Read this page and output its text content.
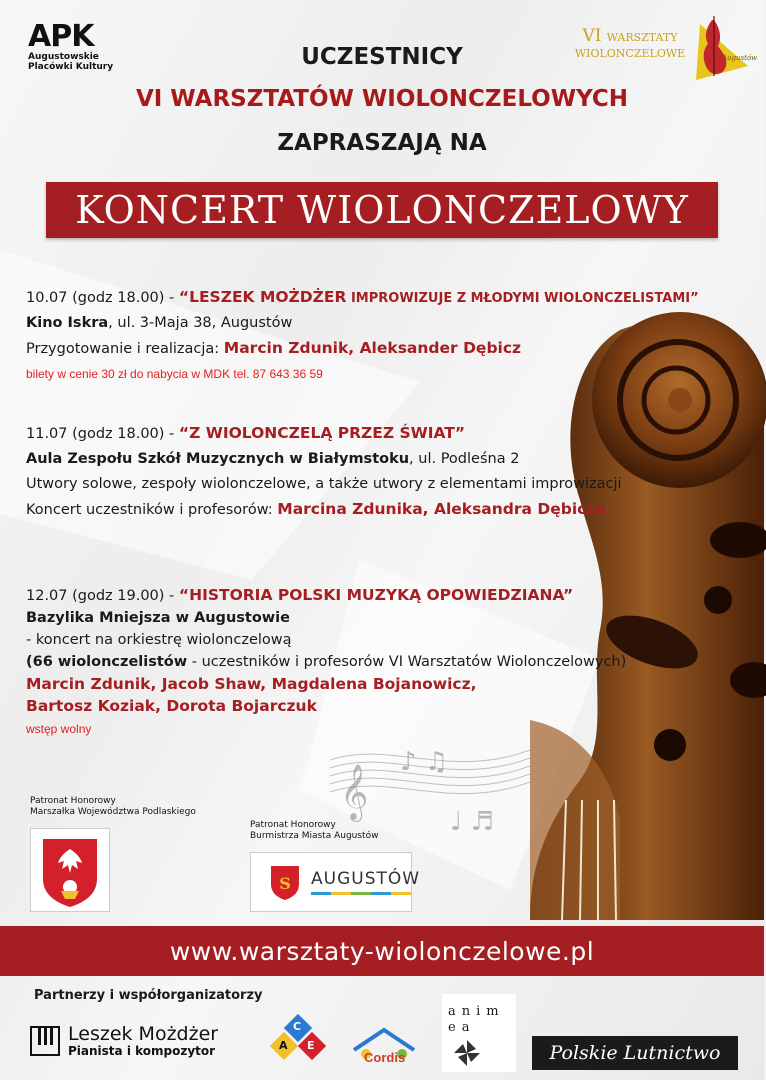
APK
Augustowskie
Placówki Kultury
VI WARSZTATY
WIOLONCZELOWE	Augustów
UCZESTNICY
VI WARSZTATÓW WIOLONCZELOWYCH
ZAPRASZAJĄ NA
KONCERT WIOLONCZELOWY
𝄞
♪ ♫
♩ ♬
10.07 (godz 18.00) - “LESZEK MOŻDŻER IMPROWIZUJE Z MŁODYMI WIOLONCZELISTAMI”
Kino Iskra, ul. 3-Maja 38, Augustów
Przygotowanie i realizacja: Marcin Zdunik, Aleksander Dębicz
bilety w cenie 30 zł do nabycia w MDK tel. 87 643 36 59
11.07 (godz 18.00) - “Z WIOLONCZELĄ PRZEZ ŚWIAT”
Aula Zespołu Szkół Muzycznych w Białymstoku, ul. Podleśna 2
Utwory solowe, zespoły wiolonczelowe, a także utwory z elementami improwizacji
Koncert uczestników i profesorów: Marcina Zdunika, Aleksandra Dębicza
12.07 (godz 19.00) - “HISTORIA POLSKI MUZYKĄ OPOWIEDZIANA”
Bazylika Mniejsza w Augustowie
- koncert na orkiestrę wiolonczelową
(66 wiolonczelistów - uczestników i profesorów VI Warsztatów Wiolonczelowych)
Marcin Zdunik, Jacob Shaw, Magdalena Bojanowicz,
Bartosz Koziak, Dorota Bojarczuk
wstęp wolny
Patronat Honorowy
Marszałka Województwa Podlaskiego
Patronat Honorowy
Burmistrza Miasta Augustów
S AUGUSTÓW
www.warsztaty-wiolonczelowe.pl
Partnerzy i współorganizatorzy
Leszek Możdżer
Pianista i kompozytor
C
A E
Cordis
anim ea
Polskie Lutnictwo
